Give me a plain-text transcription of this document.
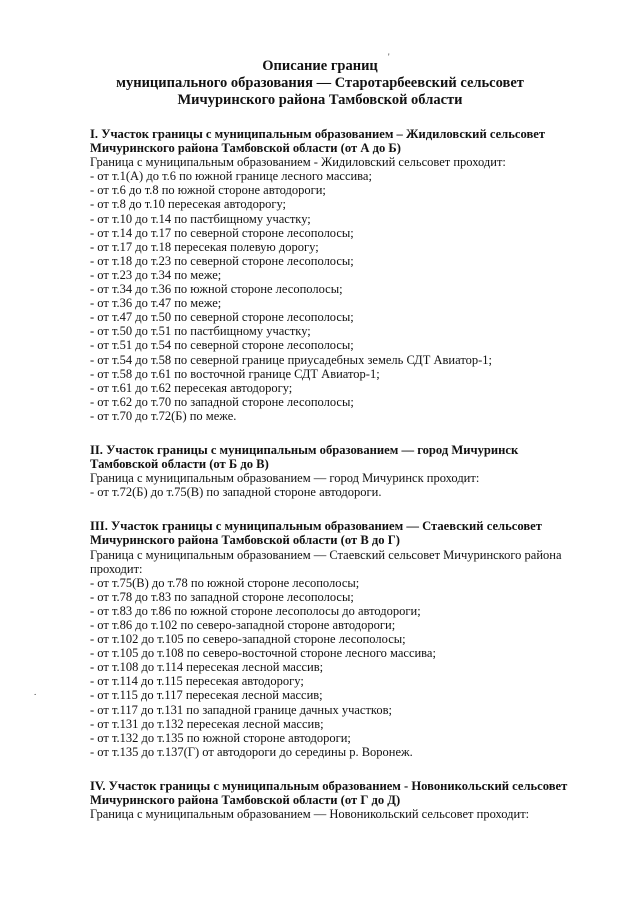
'
Описание границ
муниципального образования — Старотарбеевский сельсовет
Мичуринского района Тамбовской области
I. Участок границы с муниципальным образованием – Жидиловский сельсовет
Мичуринского района Тамбовской области (от А до Б)
Граница с муниципальным образованием - Жидиловский сельсовет проходит:
- от т.1(А) до т.6 по южной границе лесного массива;
- от т.6 до т.8 по южной стороне автодороги;
- от т.8 до т.10 пересекая автодорогу;
- от т.10 до т.14 по пастбищному участку;
- от т.14 до т.17 по северной стороне лесополосы;
- от т.17 до т.18 пересекая полевую дорогу;
- от т.18 до т.23 по северной стороне лесополосы;
- от т.23 до т.34 по меже;
- от т.34 до т.36 по южной стороне лесополосы;
- от т.36 до т.47 по меже;
- от т.47 до т.50 по северной стороне лесополосы;
- от т.50 до т.51 по пастбищному участку;
- от т.51 до т.54 по северной стороне лесополосы;
- от т.54 до т.58 по северной границе приусадебных земель СДТ Авиатор-1;
- от т.58 до т.61 по восточной границе СДТ Авиатор-1;
- от т.61 до т.62 пересекая автодорогу;
- от т.62 до т.70 по западной стороне лесополосы;
- от т.70 до т.72(Б) по меже.
II. Участок границы с муниципальным образованием — город Мичуринск
Тамбовской области (от Б до В)
Граница с муниципальным образованием — город Мичуринск проходит:
- от т.72(Б) до т.75(В) по западной стороне автодороги.
III. Участок границы с муниципальным образованием — Стаевский сельсовет
Мичуринского района Тамбовской области (от В до Г)
Граница с муниципальным образованием — Стаевский сельсовет Мичуринского района
проходит:
- от т.75(В) до т.78 по южной стороне лесополосы;
- от т.78 до т.83 по западной стороне лесополосы;
- от т.83 до т.86 по южной стороне лесополосы до автодороги;
- от т.86 до т.102 по северо-западной стороне автодороги;
- от т.102 до т.105 по северо-западной стороне лесополосы;
- от т.105 до т.108 по северо-восточной стороне лесного массива;
- от т.108 до т.114 пересекая лесной массив;
- от т.114 до т.115 пересекая автодорогу;
- от т.115 до т.117 пересекая лесной массив;
- от т.117 до т.131 по западной границе дачных участков;
- от т.131 до т.132 пересекая лесной массив;
- от т.132 до т.135 по южной стороне автодороги;
- от т.135 до т.137(Г) от автодороги до середины р. Воронеж.
IV. Участок границы с муниципальным образованием - Новоникольский сельсовет
Мичуринского района Тамбовской области (от Г до Д)
Граница с муниципальным образованием — Новоникольский сельсовет проходит:
.
